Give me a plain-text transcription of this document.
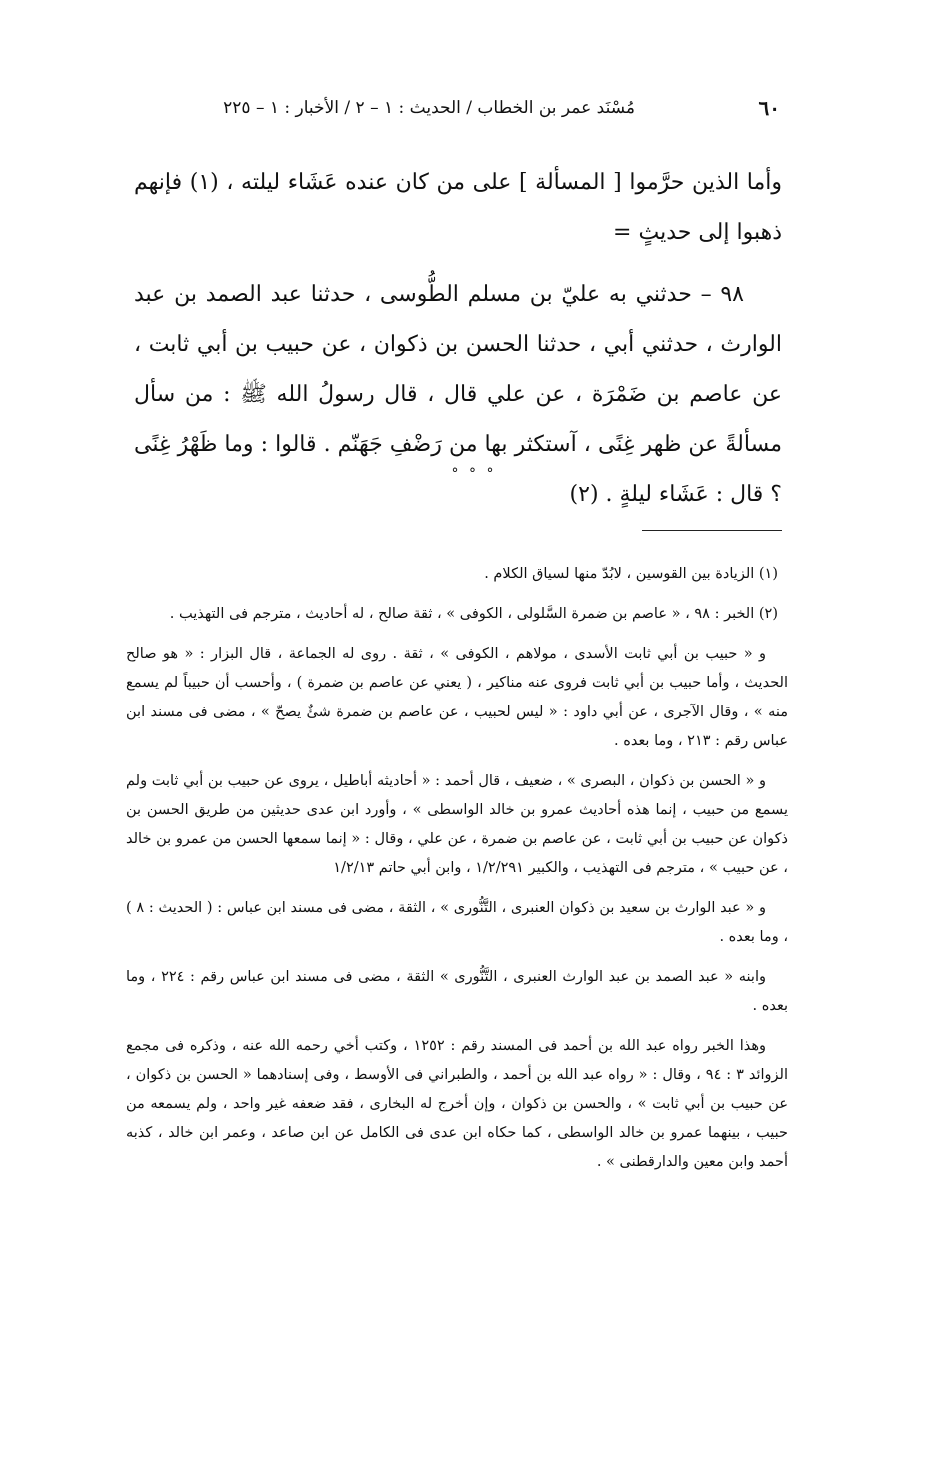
٦٠
مُسْنَد عمر بن الخطاب / الحديث : ١ – ٢ / الأخبار : ١ – ٢٢٥

وأما الذين حرَّموا [ المسألة ] على من كان عنده عَشَاء ليلته ، (١) فإنهم ذهبوا إلى حديثٍ =

٩٨ – حدثني به عليّ بن مسلم الطُّوسى ، حدثنا عبد الصمد بن عبد الوارث ، حدثني أبي ، حدثنا الحسن بن ذكوان ، عن حبيب بن أبي ثابت ، عن عاصم بن ضَمْرَة ، عن علي قال ، قال رسولُ الله ﷺ : من سأل مسألةً عن ظهر غِنًى ، آستكثر بها من رَضْفِ جَهَنّم . قالوا : وما ظَهْرُ غِنًى ؟ قال : عَشَاء ليلةٍ . (٢)

° ° °

(١) الزيادة بين القوسين ، لابُدّ منها لسياق الكلام .

(٢) الخبر : ٩٨ ، « عاصم بن ضمرة السَّلولى ، الكوفى » ، ثقة صالح ، له أحاديث ، مترجم فى التهذيب .

و « حبيب بن أبي ثابت الأسدى ، مولاهم ، الكوفى » ، ثقة . روى له الجماعة ، قال البزار : « هو صالح الحديث ، وأما حبيب بن أبي ثابت فروى عنه مناكير ، ( يعني عن عاصم بن ضمرة ) ، وأحسب أن حبيباً لم يسمع منه » ، وقال الآجرى ، عن أبي داود : « ليس لحبيب ، عن عاصم بن ضمرة شئٌ يصحّ » ، مضى فى مسند ابن عباس رقم : ٢١٣ ، وما بعده .

و « الحسن بن ذكوان ، البصرى » ، ضعيف ، قال أحمد : « أحاديثه أباطيل ، يروى عن حبيب بن أبي ثابت ولم يسمع من حبيب ، إنما هذه أحاديث عمرو بن خالد الواسطى » ، وأورد ابن عدى حديثين من طريق الحسن بن ذكوان عن حبيب بن أبي ثابت ، عن عاصم بن ضمرة ، عن علي ، وقال : « إنما سمعها الحسن من عمرو بن خالد ، عن حبيب » ، مترجم فى التهذيب ، والكبير ١/٢/٢٩١ ، وابن أبي حاتم ١/٢/١٣

و « عبد الوارث بن سعيد بن ذكوان العنبرى ، التَّنُّورى » ، الثقة ، مضى فى مسند ابن عباس : ( الحديث : ٨ ) ، وما بعده .

وابنه « عبد الصمد بن عبد الوارث العنبرى ، التَّنُّورى » الثقة ، مضى فى مسند ابن عباس رقم : ٢٢٤ ، وما بعده .

وهذا الخبر رواه عبد الله بن أحمد فى المسند رقم : ١٢٥٢ ، وكتب أخي رحمه الله عنه ، وذكره فى مجمع الزوائد ٣ : ٩٤ ، وقال : « رواه عبد الله بن أحمد ، والطبراني فى الأوسط ، وفى إسنادهما « الحسن بن ذكوان ، عن حبيب بن أبي ثابت » ، والحسن بن ذكوان ، وإن أخرج له البخارى ، فقد ضعفه غير واحد ، ولم يسمعه من حبيب ، بينهما عمرو بن خالد الواسطى ، كما حكاه ابن عدى فى الكامل عن ابن صاعد ، وعمر ابن خالد ، كذبه أحمد وابن معين والدارقطنى » .
